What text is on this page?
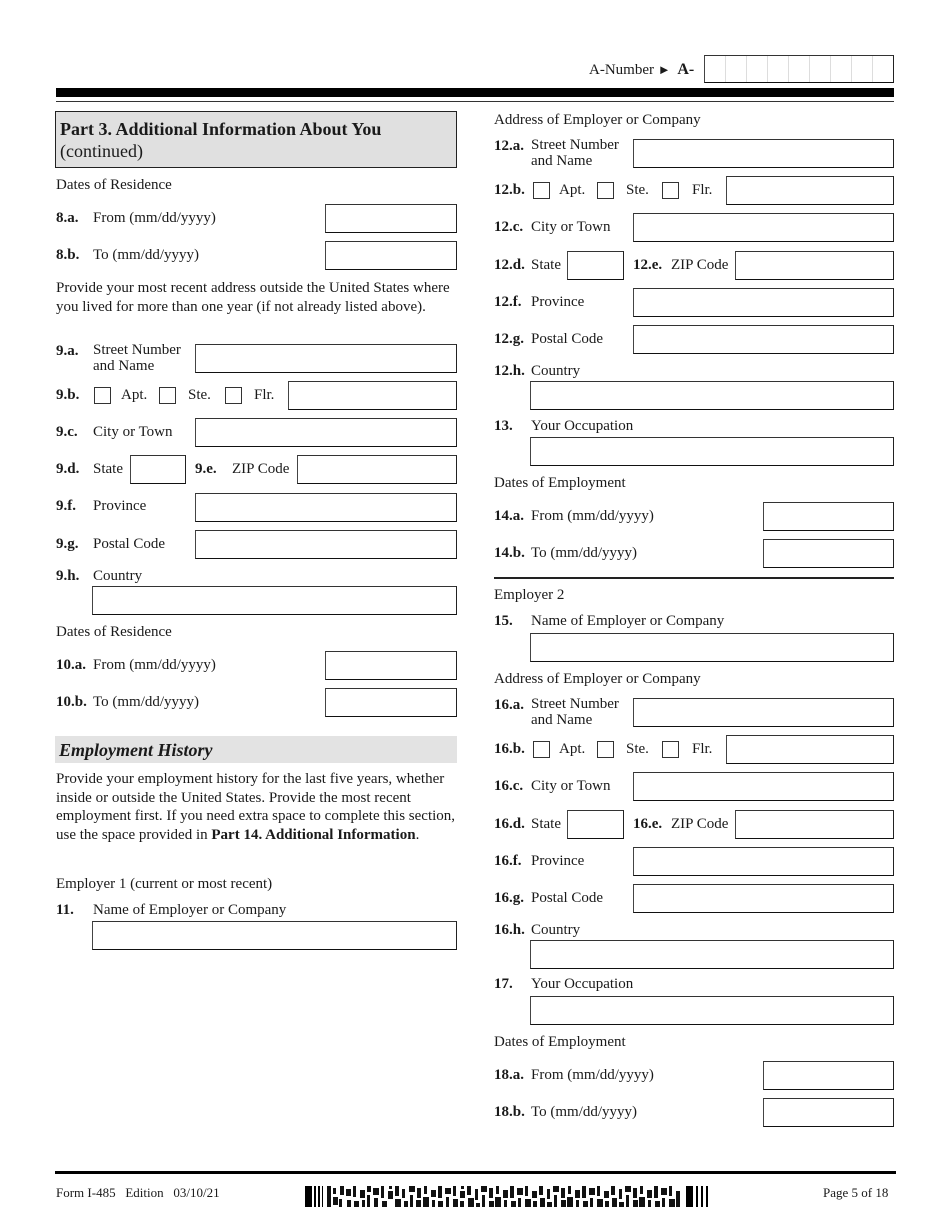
A-Number ► A-
Part 3. Additional Information About You
(continued)
Dates of Residence
8.a. From (mm/dd/yyyy)
8.b. To (mm/dd/yyyy)
Provide your most recent address outside the United States where you lived for more than one year (if not already listed above).
9.a. Street Number
and Name
9.b.	Apt.	Ste.	Flr.
9.c. City or Town
9.d. State	9.e. ZIP Code
9.f. Province
9.g. Postal Code
9.h. Country
Dates of Residence
10.a. From (mm/dd/yyyy)
10.b. To (mm/dd/yyyy)
Employment History
Provide your employment history for the last five years, whether inside or outside the United States. Provide the most recent employment first. If you need extra space to complete this section, use the space provided in Part 14. Additional Information.
Employer 1 (current or most recent)
11. Name of Employer or Company
Address of Employer or Company
12.a. Street Number
and Name
12.b. Apt.	Ste.	Flr.
12.c. City or Town
12.d. State	12.e. ZIP Code
12.f. Province
12.g. Postal Code
12.h. Country
13. Your Occupation
Dates of Employment
14.a. From (mm/dd/yyyy)
14.b. To (mm/dd/yyyy)
Employer 2
15. Name of Employer or Company
Address of Employer or Company
16.a. Street Number
and Name
16.b. Apt.	Ste.	Flr.
16.c. City or Town
16.d. State	16.e. ZIP Code
16.f. Province
16.g. Postal Code
16.h. Country
17. Your Occupation
Dates of Employment
18.a. From (mm/dd/yyyy)
18.b. To (mm/dd/yyyy)
Form I-485   Edition   03/10/21	Page 5 of 18
